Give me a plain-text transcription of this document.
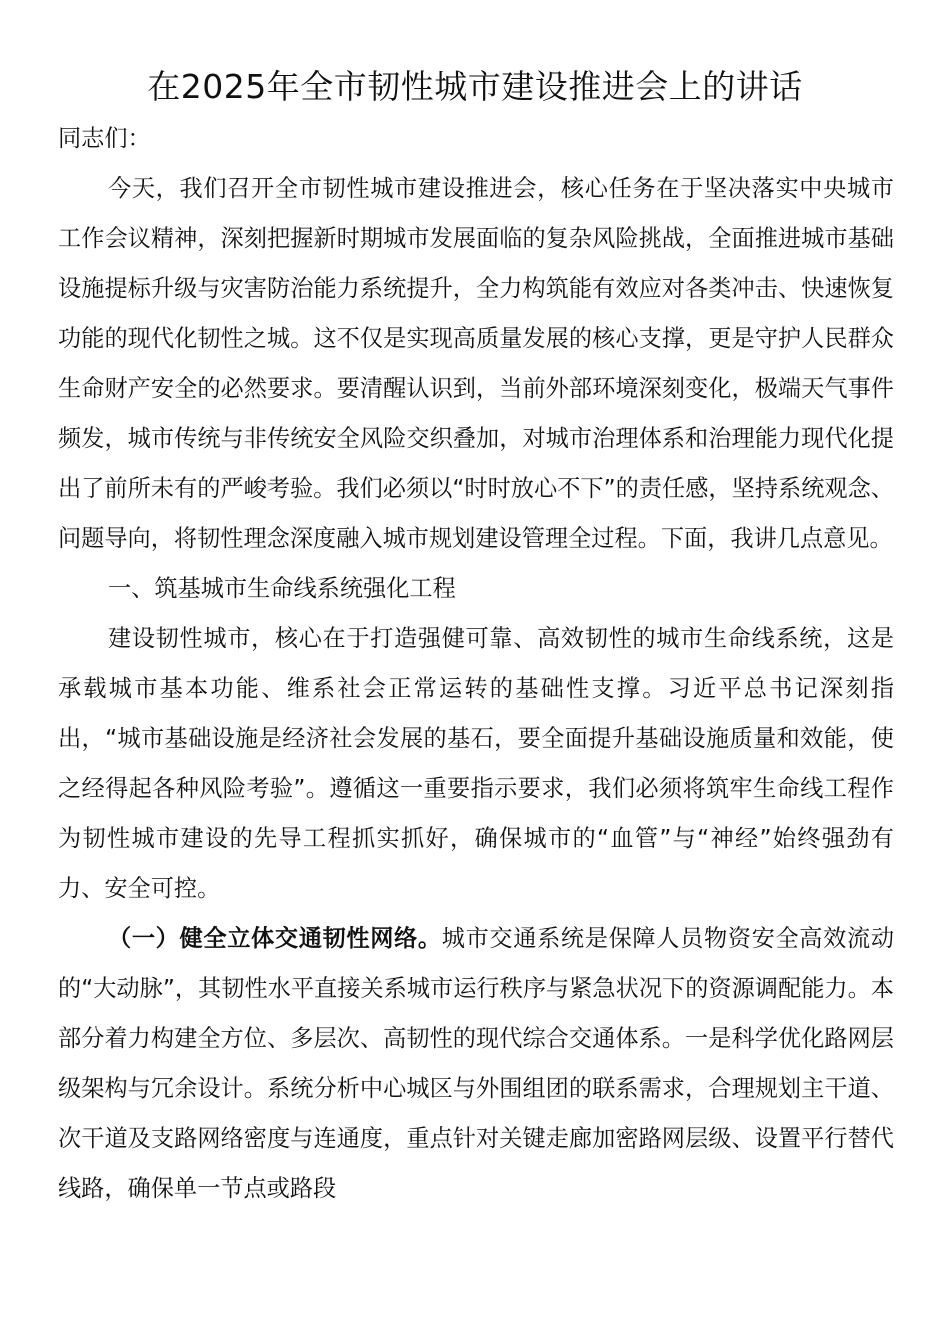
在2025年全市韧性城市建设推进会上的讲话

同志们：

今天，我们召开全市韧性城市建设推进会，核心任务在于坚决落实中央城市工作会议精神，深刻把握新时期城市发展面临的复杂风险挑战，全面推进城市基础设施提标升级与灾害防治能力系统提升，全力构筑能有效应对各类冲击、快速恢复功能的现代化韧性之城。这不仅是实现高质量发展的核心支撑，更是守护人民群众生命财产安全的必然要求。要清醒认识到，当前外部环境深刻变化，极端天气事件频发，城市传统与非传统安全风险交织叠加，对城市治理体系和治理能力现代化提出了前所未有的严峻考验。我们必须以“时时放心不下”的责任感，坚持系统观念、问题导向，将韧性理念深度融入城市规划建设管理全过程。下面，我讲几点意见。

一、筑基城市生命线系统强化工程

建设韧性城市，核心在于打造强健可靠、高效韧性的城市生命线系统，这是承载城市基本功能、维系社会正常运转的基础性支撑。习近平总书记深刻指出，“城市基础设施是经济社会发展的基石，要全面提升基础设施质量和效能，使之经得起各种风险考验”。遵循这一重要指示要求，我们必须将筑牢生命线工程作为韧性城市建设的先导工程抓实抓好，确保城市的“血管”与“神经”始终强劲有力、安全可控。

（一）健全立体交通韧性网络。城市交通系统是保障人员物资安全高效流动的“大动脉”，其韧性水平直接关系城市运行秩序与紧急状况下的资源调配能力。本部分着力构建全方位、多层次、高韧性的现代综合交通体系。一是科学优化路网层级架构与冗余设计。系统分析中心城区与外围组团的联系需求，合理规划主干道、次干道及支路网络密度与连通度，重点针对关键走廊加密路网层级、设置平行替代线路，确保单一节点或路段
